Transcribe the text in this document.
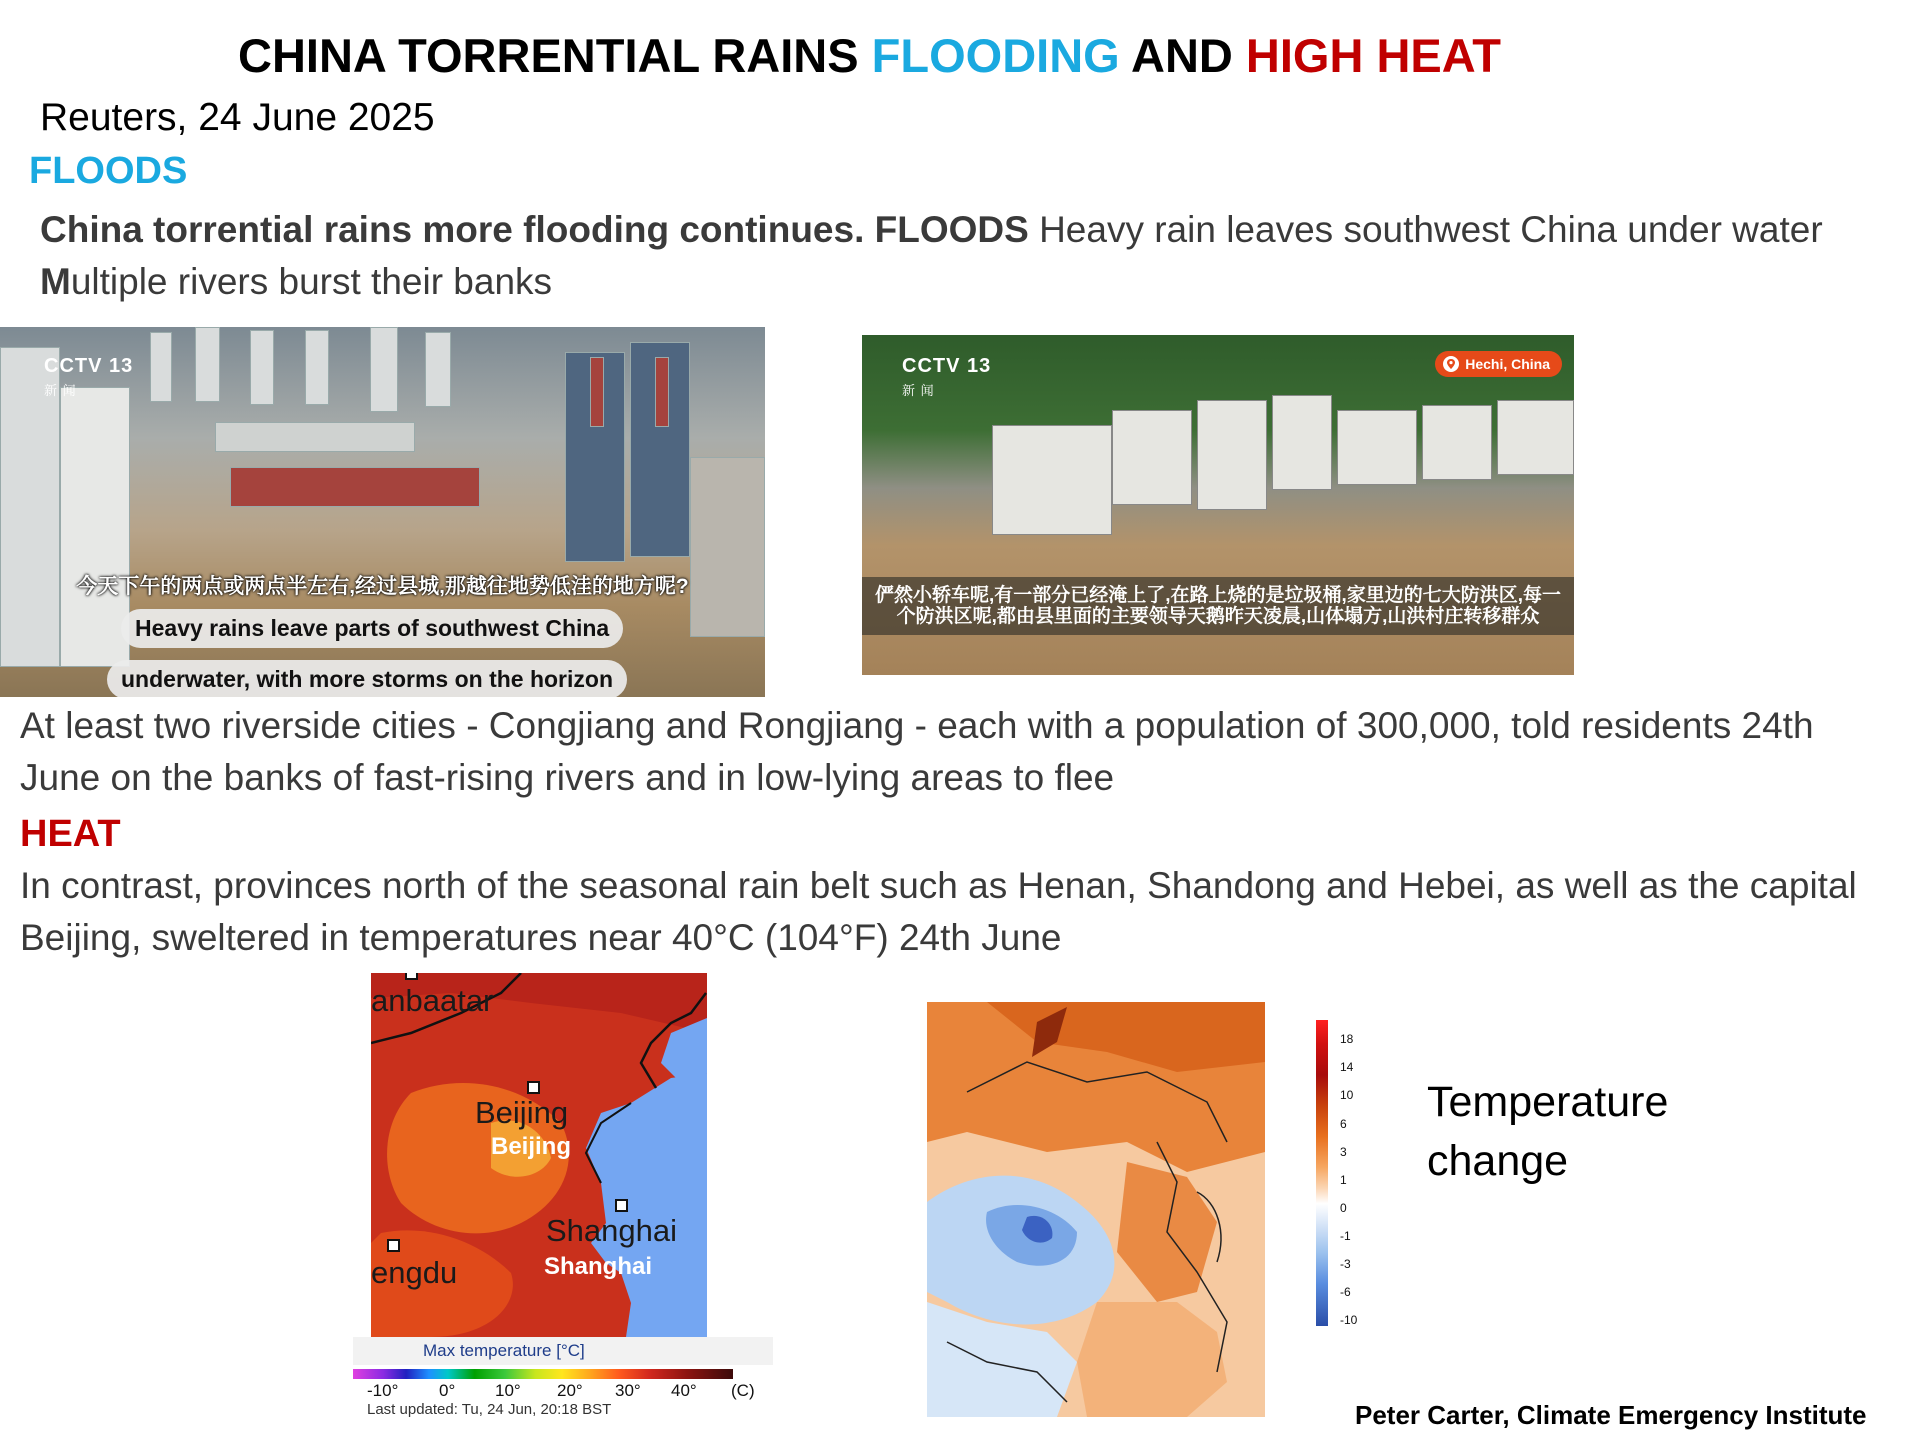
CHINA TORRENTIAL RAINS FLOODING AND HIGH HEAT
Reuters, 24 June 2025
FLOODS
China torrential rains more flooding continues. FLOODS Heavy rain leaves southwest China under water Multiple rivers burst their banks
CCTV 13
新 闻
今天下午的两点或两点半左右,经过县城,那越往地势低洼的地方呢?
Heavy rains leave parts of southwest China
underwater, with more storms on the horizon
CCTV 13
新 闻
Hechi, China
俨然小轿车呢,有一部分已经淹上了,在路上烧的是垃圾桶,家里边的七大防洪区,每一个防洪区呢,都由县里面的主要领导天鹅昨天凌晨,山体塌方,山洪村庄转移群众
At least two riverside cities - Congjiang and Rongjiang - each with a population of 300,000, told residents 24th June on the banks of fast-rising rivers and in low-lying areas to flee
HEAT
In contrast, provinces north of the seasonal rain belt such as Henan, Shandong and Hebei, as well as the capital Beijing, sweltered in temperatures near 40°C (104°F) 24th June
anbaatar
Beijing
Beijing
Shanghai
Shanghai
engdu
Max temperature [°C]
-10° 0° 10° 20° 30° 40° (C)
Last updated: Tu, 24 Jun, 20:18 BST
18
14
10
6
3
1
0
-1
-3
-6
-10
Temperature change
Peter Carter, Climate Emergency Institute
